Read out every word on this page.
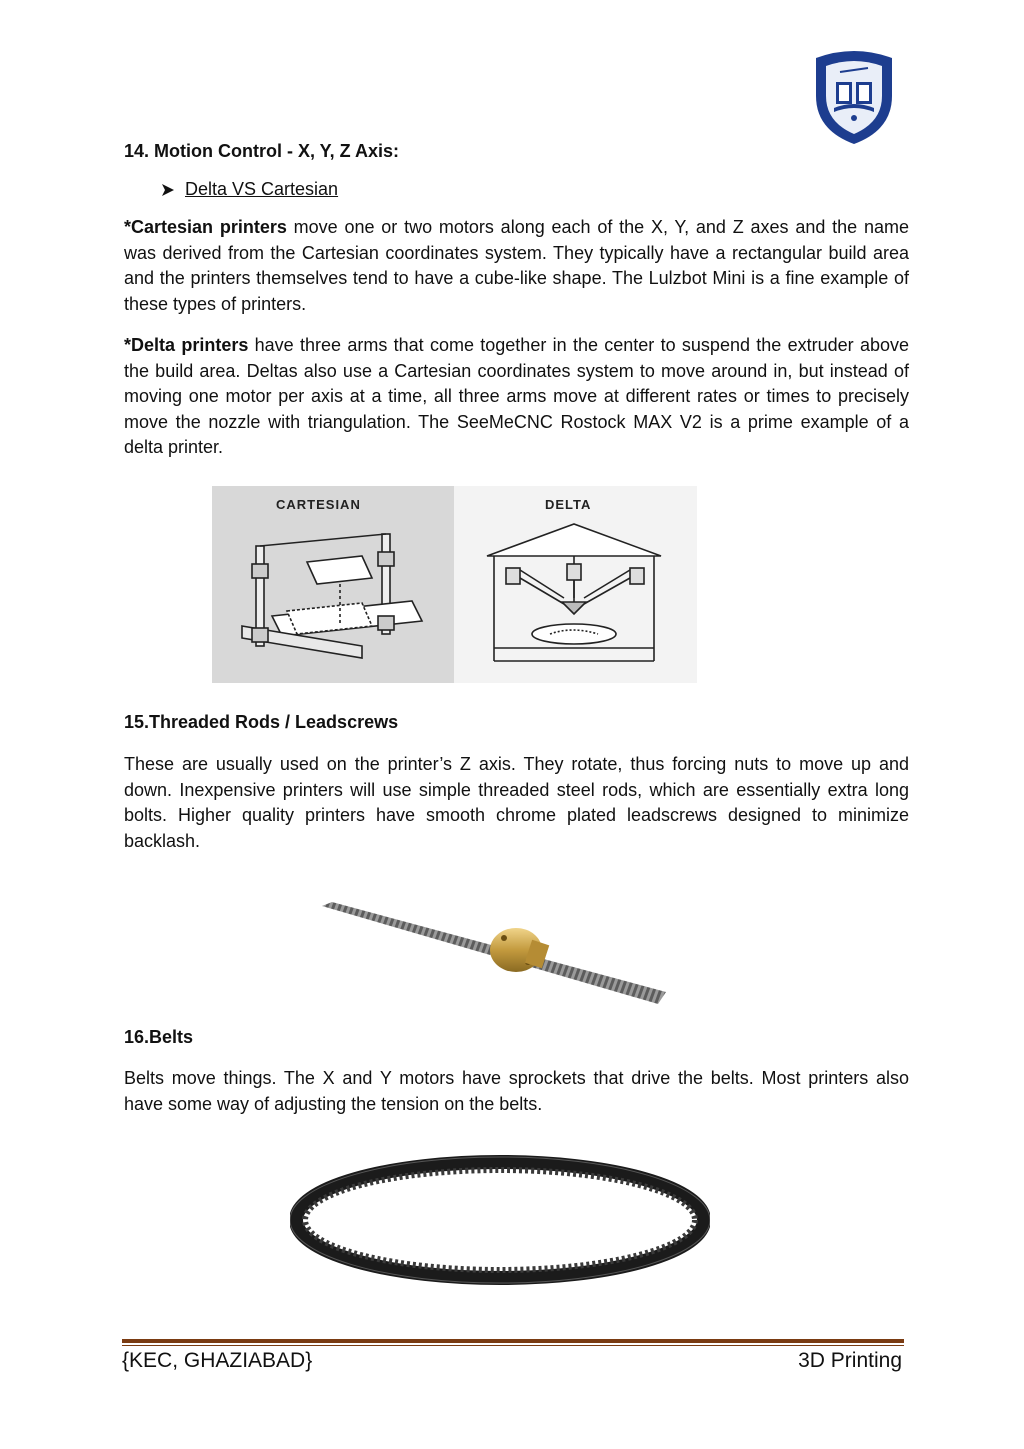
14. Motion Control - X, Y, Z Axis:
Delta VS Cartesian
*Cartesian printers move one or two motors along each of the X, Y, and Z axes and the name was derived from the Cartesian coordinates system. They typically have a rectangular build area and the printers themselves tend to have a cube-like shape. The Lulzbot Mini is a fine example of these types of printers.
*Delta printers have three arms that come together in the center to suspend the extruder above the build area. Deltas also use a Cartesian coordinates system to move around in, but instead of moving one motor per axis at a time, all three arms move at different rates or times to precisely move the nozzle with triangulation. The SeeMeCNC Rostock MAX V2 is a prime example of a delta printer.
CARTESIAN	DELTA
15.Threaded Rods / Leadscrews
These are usually used on the printer’s Z axis. They rotate, thus forcing nuts to move up and down. Inexpensive printers will use simple threaded steel rods, which are essentially extra long bolts. Higher quality printers have smooth chrome plated leadscrews designed to minimize backlash.
16.Belts
Belts move things. The X and Y motors have sprockets that drive the belts. Most printers also have some way of adjusting the tension on the belts.
{KEC, GHAZIABAD}	3D Printing
